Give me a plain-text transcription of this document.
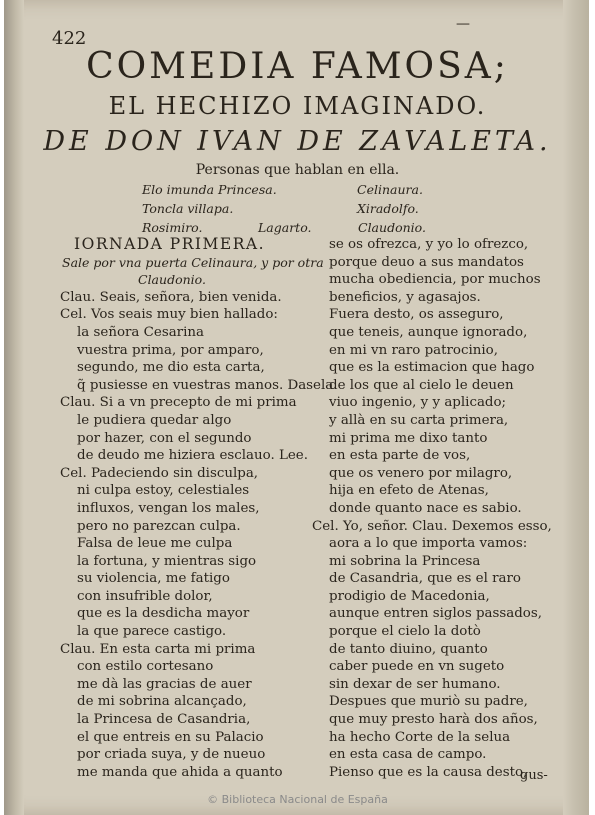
422
—
COMEDIA FAMOSA;
EL HECHIZO IMAGINADO.
DE DON IVAN DE ZAVALETA.
Personas que hablan en ella.
Elo imunda Princesa.	Celinaura.
Toncla villapa.	Xiradolfo.
Rosimiro.	Lagarto.	Claudonio.
IORNADA PRIMERA.
Sale por vna puerta Celinaura, y por otra
Claudonio.
Clau. Seais, señora, bien venida.
Cel. Vos seais muy bien hallado:
la señora Cesarina
vuestra prima, por amparo,
segundo, me dio esta carta,
q̃ pusiesse en vuestras manos. Dasela
Clau. Si a vn precepto de mi prima
le pudiera quedar algo
por hazer, con el segundo
de deudo me hiziera esclauo. Lee.
Cel. Padeciendo sin disculpa,
ni culpa estoy, celestiales
influxos, vengan los males,
pero no parezcan culpa.
Falsa de leue me culpa
la fortuna, y mientras sigo
su violencia, me fatigo
con insufrible dolor,
que es la desdicha mayor
la que parece castigo.
Clau. En esta carta mi prima
con estilo cortesano
me dà las gracias de auer
de mi sobrina alcançado,
la Princesa de Casandria,
el que entreis en su Palacio
por criada suya, y de nueuo
me manda que ahida a quanto
se os ofrezca, y yo lo ofrezco,
porque deuo a sus mandatos
mucha obediencia, por muchos
beneficios, y agasajos.
Fuera desto, os asseguro,
que teneis, aunque ignorado,
en mi vn raro patrocinio,
que es la estimacion que hago
de los que al cielo le deuen
viuo ingenio, y y aplicado;
y allà en su carta primera,
mi prima me dixo tanto
en esta parte de vos,
que os venero por milagro,
hija en efeto de Atenas,
donde quanto nace es sabio.
Cel. Yo, señor. Clau. Dexemos esso,
aora a lo que importa vamos:
mi sobrina la Princesa
de Casandria, que es el raro
prodigio de Macedonia,
aunque entren siglos passados,
porque el cielo la dotò
de tanto diuino, quanto
caber puede en vn sugeto
sin dexar de ser humano.
Despues que muriò su padre,
que muy presto harà dos años,
ha hecho Corte de la selua
en esta casa de campo.
Pienso que es la causa desto,
gus-
© Biblioteca Nacional de España
